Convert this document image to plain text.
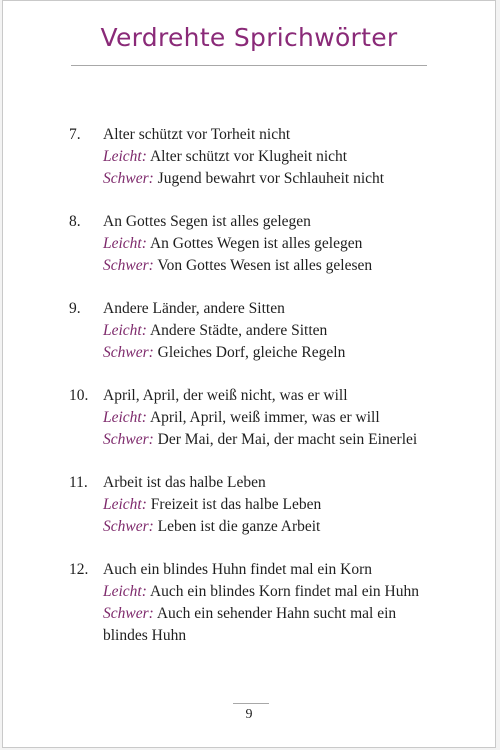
Verdrehte Sprichwörter
7.	Alter schützt vor Torheit nicht
Leicht: Alter schützt vor Klugheit nicht
Schwer: Jugend bewahrt vor Schlauheit nicht
8.	An Gottes Segen ist alles gelegen
Leicht: An Gottes Wegen ist alles gelegen
Schwer: Von Gottes Wesen ist alles gelesen
9.	Andere Länder, andere Sitten
Leicht: Andere Städte, andere Sitten
Schwer: Gleiches Dorf, gleiche Regeln
10. April, April, der weiß nicht, was er will
Leicht: April, April, weiß immer, was er will
Schwer: Der Mai, der Mai, der macht sein Einerlei
11. Arbeit ist das halbe Leben
Leicht: Freizeit ist das halbe Leben
Schwer: Leben ist die ganze Arbeit
12. Auch ein blindes Huhn findet mal ein Korn
Leicht: Auch ein blindes Korn findet mal ein Huhn
Schwer: Auch ein sehender Hahn sucht mal ein blindes Huhn
9
